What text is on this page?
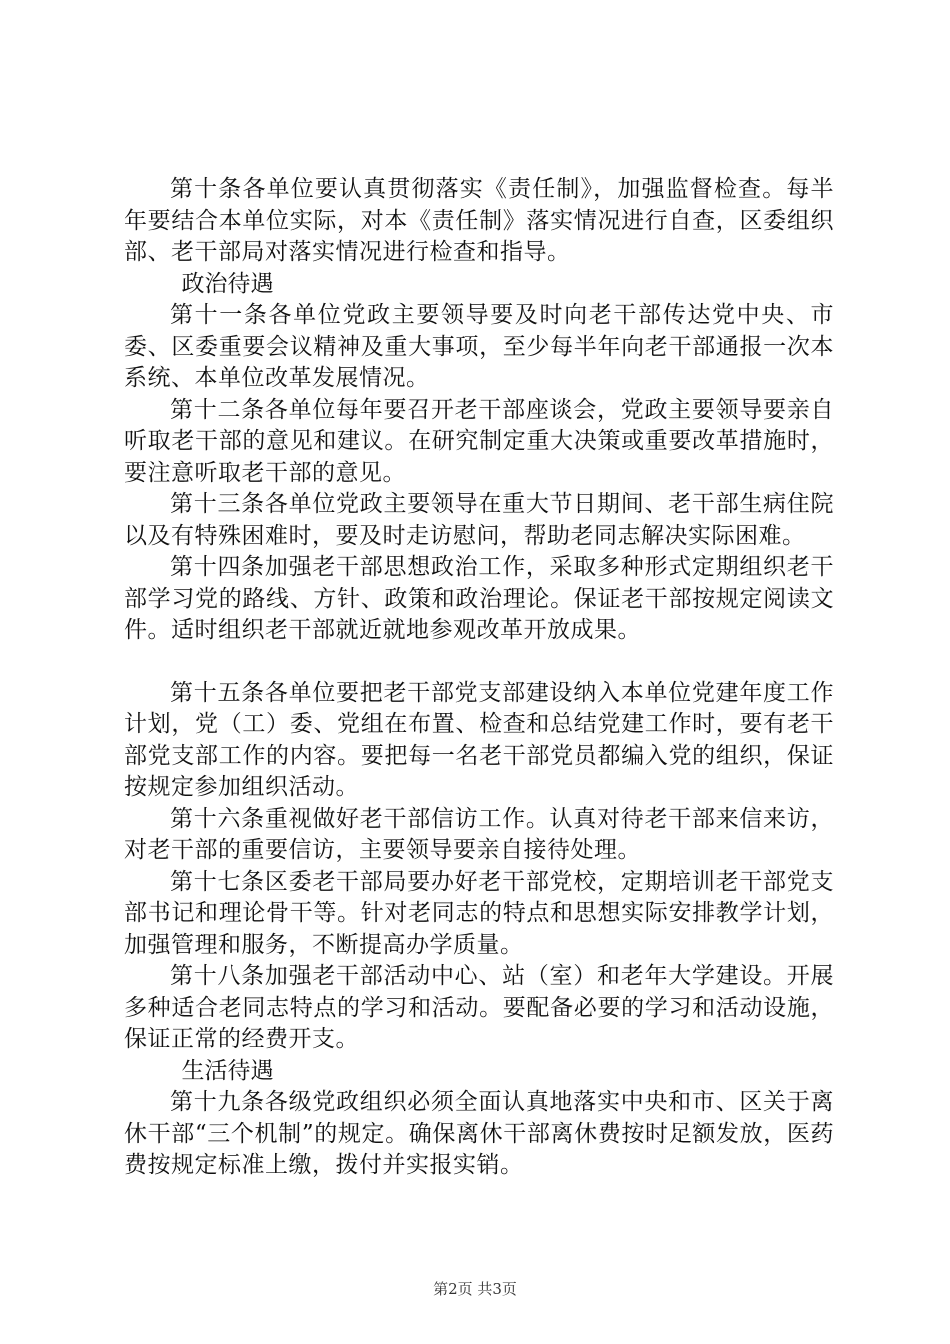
第十条各单位要认真贯彻落实《责任制》，加强监督检查。每半年要结合本单位实际，对本《责任制》落实情况进行自查，区委组织部、老干部局对落实情况进行检查和指导。

政治待遇

第十一条各单位党政主要领导要及时向老干部传达党中央、市委、区委重要会议精神及重大事项，至少每半年向老干部通报一次本系统、本单位改革发展情况。

第十二条各单位每年要召开老干部座谈会，党政主要领导要亲自听取老干部的意见和建议。在研究制定重大决策或重要改革措施时，要注意听取老干部的意见。

第十三条各单位党政主要领导在重大节日期间、老干部生病住院以及有特殊困难时，要及时走访慰问，帮助老同志解决实际困难。

第十四条加强老干部思想政治工作，采取多种形式定期组织老干部学习党的路线、方针、政策和政治理论。保证老干部按规定阅读文件。适时组织老干部就近就地参观改革开放成果。

第十五条各单位要把老干部党支部建设纳入本单位党建年度工作计划，党（工）委、党组在布置、检查和总结党建工作时，要有老干部党支部工作的内容。要把每一名老干部党员都编入党的组织，保证按规定参加组织活动。

第十六条重视做好老干部信访工作。认真对待老干部来信来访，对老干部的重要信访，主要领导要亲自接待处理。

第十七条区委老干部局要办好老干部党校，定期培训老干部党支部书记和理论骨干等。针对老同志的特点和思想实际安排教学计划，加强管理和服务，不断提高办学质量。

第十八条加强老干部活动中心、站（室）和老年大学建设。开展多种适合老同志特点的学习和活动。要配备必要的学习和活动设施，保证正常的经费开支。

生活待遇

第十九条各级党政组织必须全面认真地落实中央和市、区关于离休干部“三个机制”的规定。确保离休干部离休费按时足额发放，医药费按规定标准上缴，拨付并实报实销。

第2页 共3页
